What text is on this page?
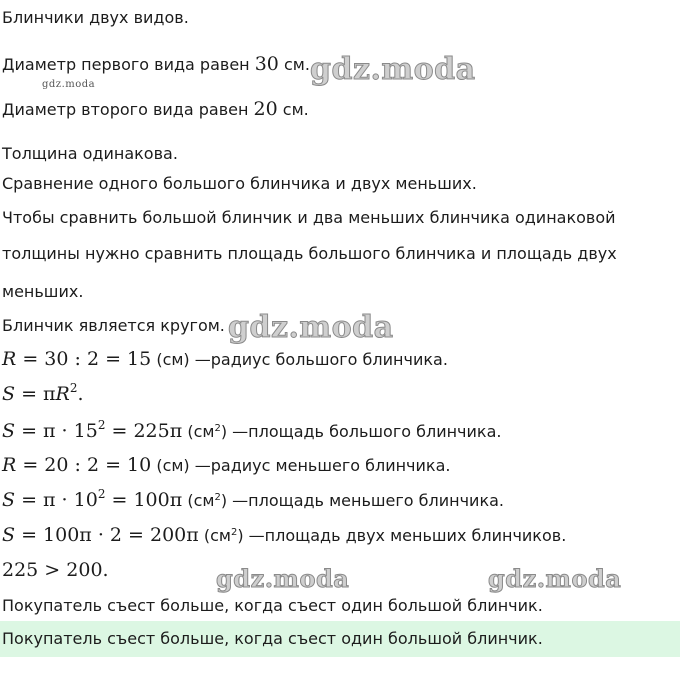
Блинчики двух видов.
Диаметр первого вида равен 30 см.
Диаметр второго вида равен 20 см.
Толщина одинакова.
Сравнение одного большого блинчика и двух меньших.
Чтобы сравнить большой блинчик и два меньших блинчика одинаковой
толщины нужно сравнить площадь большого блинчика и площадь двух
меньших.
Блинчик является кругом.
R = 30 : 2 = 15 (см) —радиус большого блинчика.
$S = \pi R^2$.
$S = \pi \cdot 15^2 = 225\pi$ $(см^2)$ —площадь большого блинчика.
R = 20 : 2 = 10 (см) —радиус меньшего блинчика.
$S = \pi \cdot 10^2 = 100\pi$ $(см^2)$ —площадь меньшего блинчика.
S = 100π · 2 = 200π $(см^2)$ —площадь двух меньших блинчиков.
225 > 200.
Покупатель съест больше, когда съест один большой блинчик.
Покупатель съест больше, когда съест один большой блинчик.
gdz.moda
gdz.moda
gdz.moda
gdz.moda	gdz.moda
